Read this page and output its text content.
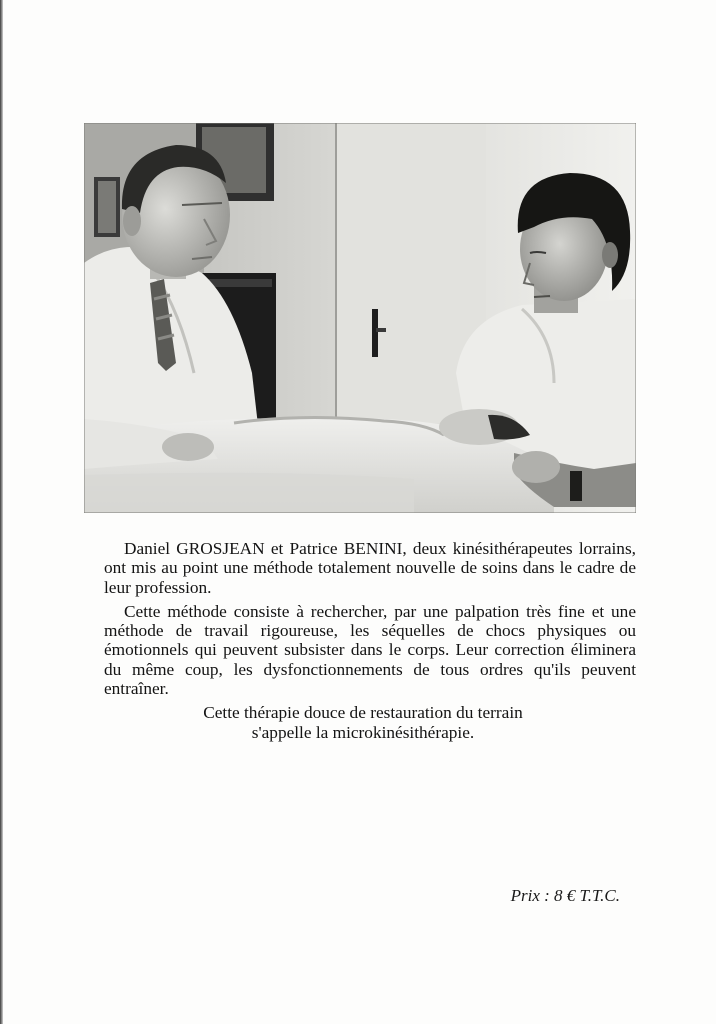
Daniel GROSJEAN et Patrice BENINI, deux kinésithérapeutes lorrains, ont mis au point une méthode totalement nouvelle de soins dans le cadre de leur profession.

Cette méthode consiste à rechercher, par une palpation très fine et une méthode de travail rigoureuse, les séquelles de chocs physiques ou émotionnels qui peuvent subsister dans le corps. Leur correction éliminera du même coup, les dysfonctionnements de tous ordres qu'ils peuvent entraîner.

Cette thérapie douce de restauration du terrain

s'appelle la microkinésithérapie.

Prix : 8 € T.T.C.
